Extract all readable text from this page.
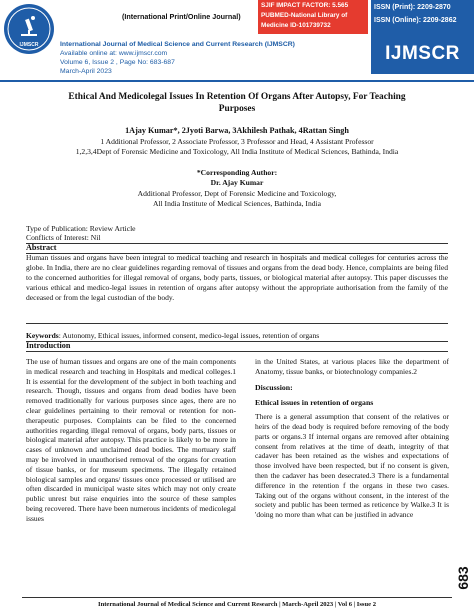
IJMSCR
(International Print/Online Journal)
SJIF IMPACT FACTOR: 5.565
PUBMED-National Library of
Medicine ID-101739732
ISSN (Print): 2209-2870
ISSN (Online): 2209-2862
International Journal of Medical Science and Current Research (IJMSCR)
Available online at: www.ijmscr.com
Volume 6, Issue 2 , Page No: 683-687
March-April 2023
IJMSCR
Ethical And Medicolegal Issues In Retention Of Organs After Autopsy, For Teaching
Purposes
1Ajay Kumar*, 2Jyoti Barwa, 3Akhilesh Pathak, 4Rattan Singh
1 Additional Professor, 2 Associate Professor, 3 Professor and Head, 4 Assistant Professor
1,2,3,4Dept of Forensic Medicine and Toxicology, All India Institute of Medical Sciences, Bathinda, India
*Corresponding Author:
Dr. Ajay Kumar
Additional Professor, Dept of Forensic Medicine and Toxicology,
All India Institute of Medical Sciences, Bathinda, India
Type of Publication: Review Article
Conflicts of Interest: Nil
Abstract
Human tissues and organs have been integral to medical teaching and research in hospitals and medical colleges for centuries across the globe. In India, there are no clear guidelines regarding removal of tissues and organs from the dead body. Hence, complaints are being filed to the concerned authorities for illegal removal of organs, body parts, tissues, or biological material after autopsy. This paper discusses the various ethical and medico-legal issues in retention of organs after autopsy without the appropriate authorisation from the family of the deceased or from the legal custodian of the body.
Keywords: Autonomy, Ethical issues, informed consent, medico-legal issues, retention of organs
Introduction

The use of human tissues and organs are one of the main components in medical research and teaching in Hospitals and medical colleges.1 It is essential for the development of the subject in both teaching and research. Though, tissues and organs from dead bodies have been removed traditionally for various purposes since ages, there are no clear guidelines pertaining to their removal or retention for non-therapeutic purposes. Complaints can be filed to the concerned authorities regarding illegal removal of organs, body parts, tissues or biological material after autopsy. This practice is likely to be more in cases of unknown and unclaimed dead bodies. The mortuary staff may be involved in unauthorised removal of the organs for creation of tissue banks, or for museum specimens. The illegally retained biological samples and organs/ tissues once processed or utilised are often discarded in municipal waste sites which may not only create public unrest but raise enquiries into the source of these samples being recovered. There have been numerous incidents of medicolegal issues

in the United States, at various places like the department of Anatomy, tissue banks, or biotechnology companies.2

Discussion:
Ethical issues in retention of organs

There is a general assumption that consent of the relatives or heirs of the dead body is required before removing of the body parts or organs.3 If internal organs are removed after obtaining consent from relatives at the time of death, integrity of that cadaver has been retained as the wishes and expectations of those involved have been respected, but if no consent is given, then the cadaver has been desecrated.3 There is a fundamental difference in the retention f the organs in these two cases. Taking out of the organs without consent, in the interest of the society and public has been termed as reticence by Walke.3 It is 'doing no more than what can be justified in advance

683
International Journal of Medical Science and Current Research | March-April 2023 | Vol 6 | Issue 2
